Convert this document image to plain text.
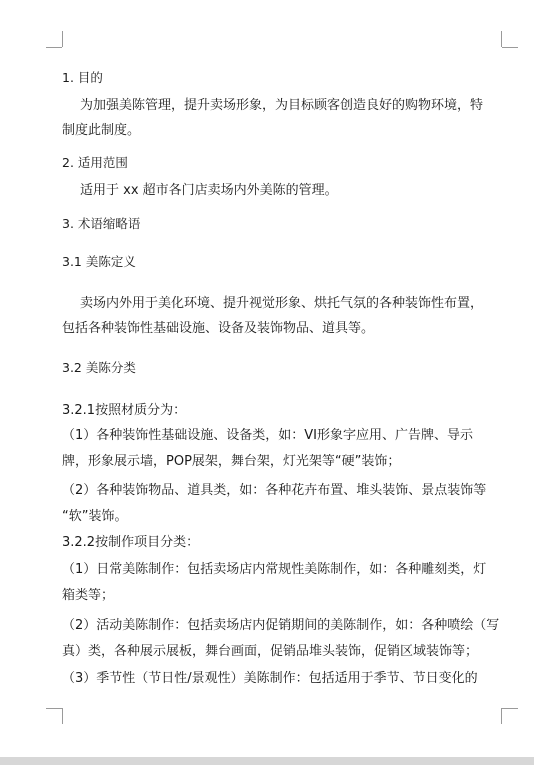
1. 目的
为加强美陈管理，提升卖场形象，为目标顾客创造良好的购物环境，特
制度此制度。
2. 适用范围
适用于 xx 超市各门店卖场内外美陈的管理。
3. 术语缩略语
3.1 美陈定义
卖场内外用于美化环境、提升视觉形象、烘托气氛的各种装饰性布置，
包括各种装饰性基础设施、设备及装饰物品、道具等。
3.2 美陈分类
3.2.1按照材质分为：
（1）各种装饰性基础设施、设备类，如：VI形象字应用、广告牌、导示
牌，形象展示墙，POP展架，舞台架，灯光架等“硬”装饰；
（2）各种装饰物品、道具类，如：各种花卉布置、堆头装饰、景点装饰等
“软”装饰。
3.2.2按制作项目分类：
（1）日常美陈制作：包括卖场店内常规性美陈制作，如：各种雕刻类，灯
箱类等；
（2）活动美陈制作：包括卖场店内促销期间的美陈制作，如：各种喷绘（写
真）类，各种展示展板，舞台画面，促销品堆头装饰，促销区域装饰等；
（3）季节性（节日性/景观性）美陈制作：包括适用于季节、节日变化的
